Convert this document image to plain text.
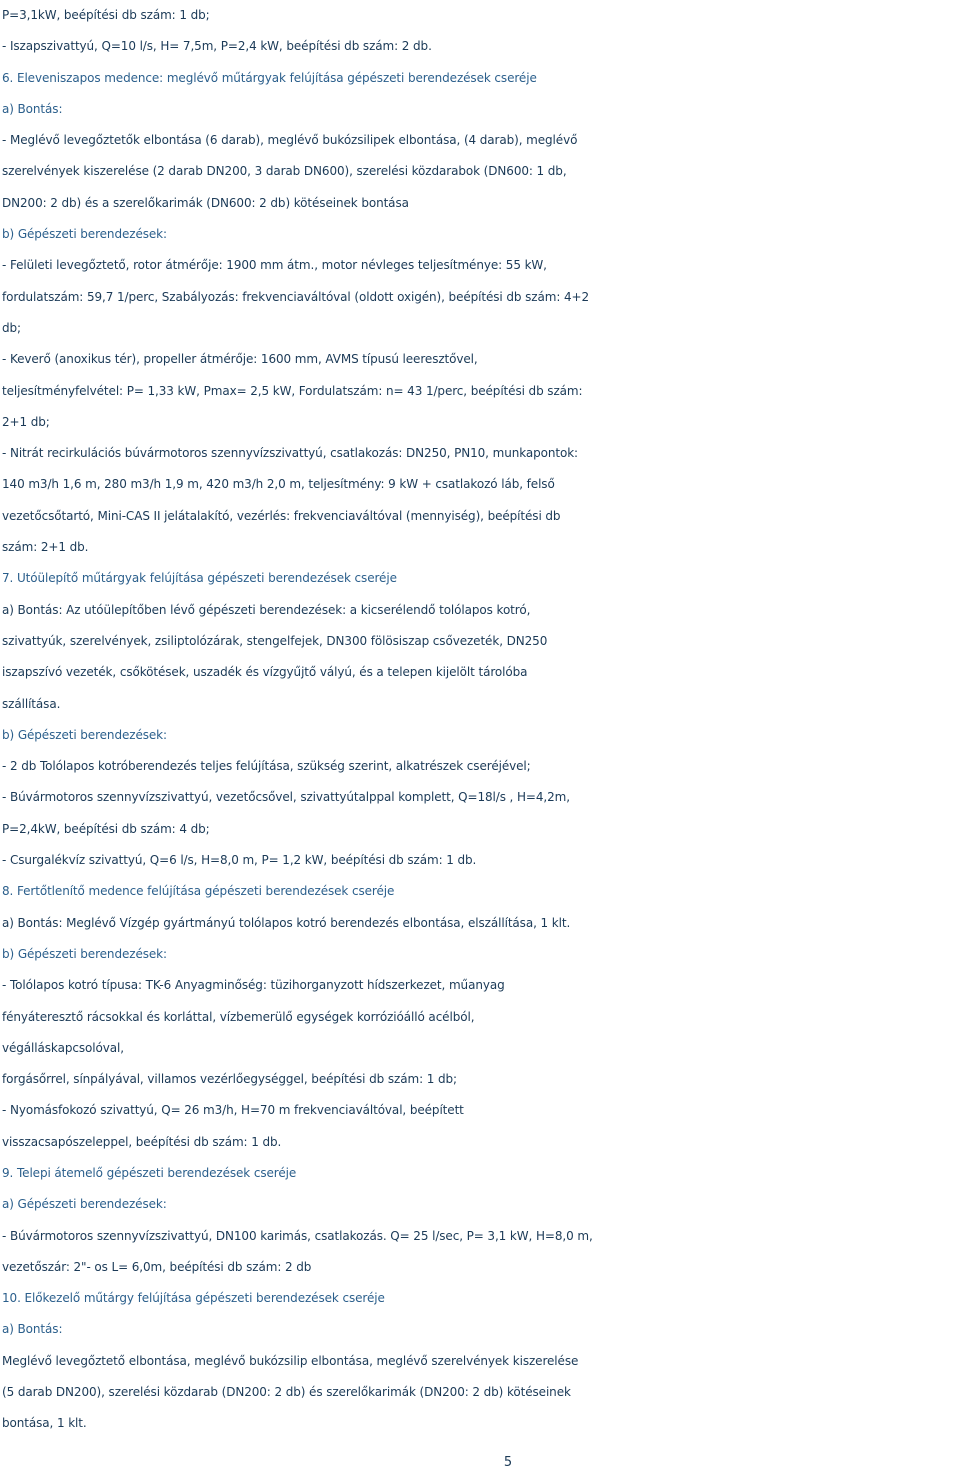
P=3,1kW, beépítési db szám: 1 db;
- Iszapszivattyú, Q=10 l/s, H= 7,5m, P=2,4 kW, beépítési db szám: 2 db.
6. Eleveniszapos medence: meglévő műtárgyak felújítása gépészeti berendezések cseréje
a) Bontás:
- Meglévő levegőztetők elbontása (6 darab), meglévő bukózsilipek elbontása, (4 darab), meglévő
szerelvények kiszerelése (2 darab DN200, 3 darab DN600), szerelési közdarabok (DN600: 1 db,
DN200: 2 db) és a szerelőkarimák (DN600: 2 db) kötéseinek bontása
b) Gépészeti berendezések:
- Felületi levegőztető, rotor átmérője: 1900 mm átm., motor névleges teljesítménye: 55 kW,
fordulatszám: 59,7 1/perc, Szabályozás: frekvenciaváltóval (oldott oxigén), beépítési db szám: 4+2
db;
- Keverő (anoxikus tér), propeller átmérője: 1600 mm, AVMS típusú leeresztővel,
teljesítményfelvétel: P= 1,33 kW, Pmax= 2,5 kW, Fordulatszám: n= 43 1/perc, beépítési db szám:
2+1 db;
- Nitrát recirkulációs búvármotoros szennyvízszivattyú, csatlakozás: DN250, PN10, munkapontok:
140 m3/h 1,6 m, 280 m3/h 1,9 m, 420 m3/h 2,0 m, teljesítmény: 9 kW + csatlakozó láb, felső
vezetőcsőtartó, Mini-CAS II jelátalakító, vezérlés: frekvenciaváltóval (mennyiség), beépítési db
szám: 2+1 db.
7. Utóülepítő műtárgyak felújítása gépészeti berendezések cseréje
a) Bontás: Az utóülepítőben lévő gépészeti berendezések: a kicserélendő tolólapos kotró,
szivattyúk, szerelvények, zsiliptolózárak, stengelfejek, DN300 fölösiszap csővezeték, DN250
iszapszívó vezeték, csőkötések, uszadék és vízgyűjtő vályú, és a telepen kijelölt tárolóba
szállítása.
b) Gépészeti berendezések:
- 2 db Tolólapos kotróberendezés teljes felújítása, szükség szerint, alkatrészek cseréjével;
- Búvármotoros szennyvízszivattyú, vezetőcsővel, szivattyútalppal komplett, Q=18l/s , H=4,2m,
P=2,4kW, beépítési db szám: 4 db;
- Csurgalékvíz szivattyú, Q=6 l/s, H=8,0 m, P= 1,2 kW, beépítési db szám: 1 db.
8. Fertőtlenítő medence felújítása gépészeti berendezések cseréje
a) Bontás: Meglévő Vízgép gyártmányú tolólapos kotró berendezés elbontása, elszállítása, 1 klt.
b) Gépészeti berendezések:
- Tolólapos kotró típusa: TK-6 Anyagminőség: tüzihorganyzott hídszerkezet, műanyag
fényáteresztő rácsokkal és korláttal, vízbemerülő egységek korrózióálló acélból,
végálláskapcsolóval,
forgásőrrel, sínpályával, villamos vezérlőegységgel, beépítési db szám: 1 db;
- Nyomásfokozó szivattyú, Q= 26 m3/h, H=70 m frekvenciaváltóval, beépített
visszacsapószeleppel, beépítési db szám: 1 db.
9. Telepi átemelő gépészeti berendezések cseréje
a) Gépészeti berendezések:
- Búvármotoros szennyvízszivattyú, DN100 karimás, csatlakozás. Q= 25 l/sec, P= 3,1 kW, H=8,0 m,
vezetőszár: 2"- os L= 6,0m, beépítési db szám: 2 db
10. Előkezelő műtárgy felújítása gépészeti berendezések cseréje
a) Bontás:
Meglévő levegőztető elbontása, meglévő bukózsilip elbontása, meglévő szerelvények kiszerelése
(5 darab DN200), szerelési közdarab (DN200: 2 db) és szerelőkarimák (DN200: 2 db) kötéseinek
bontása, 1 klt.
5
